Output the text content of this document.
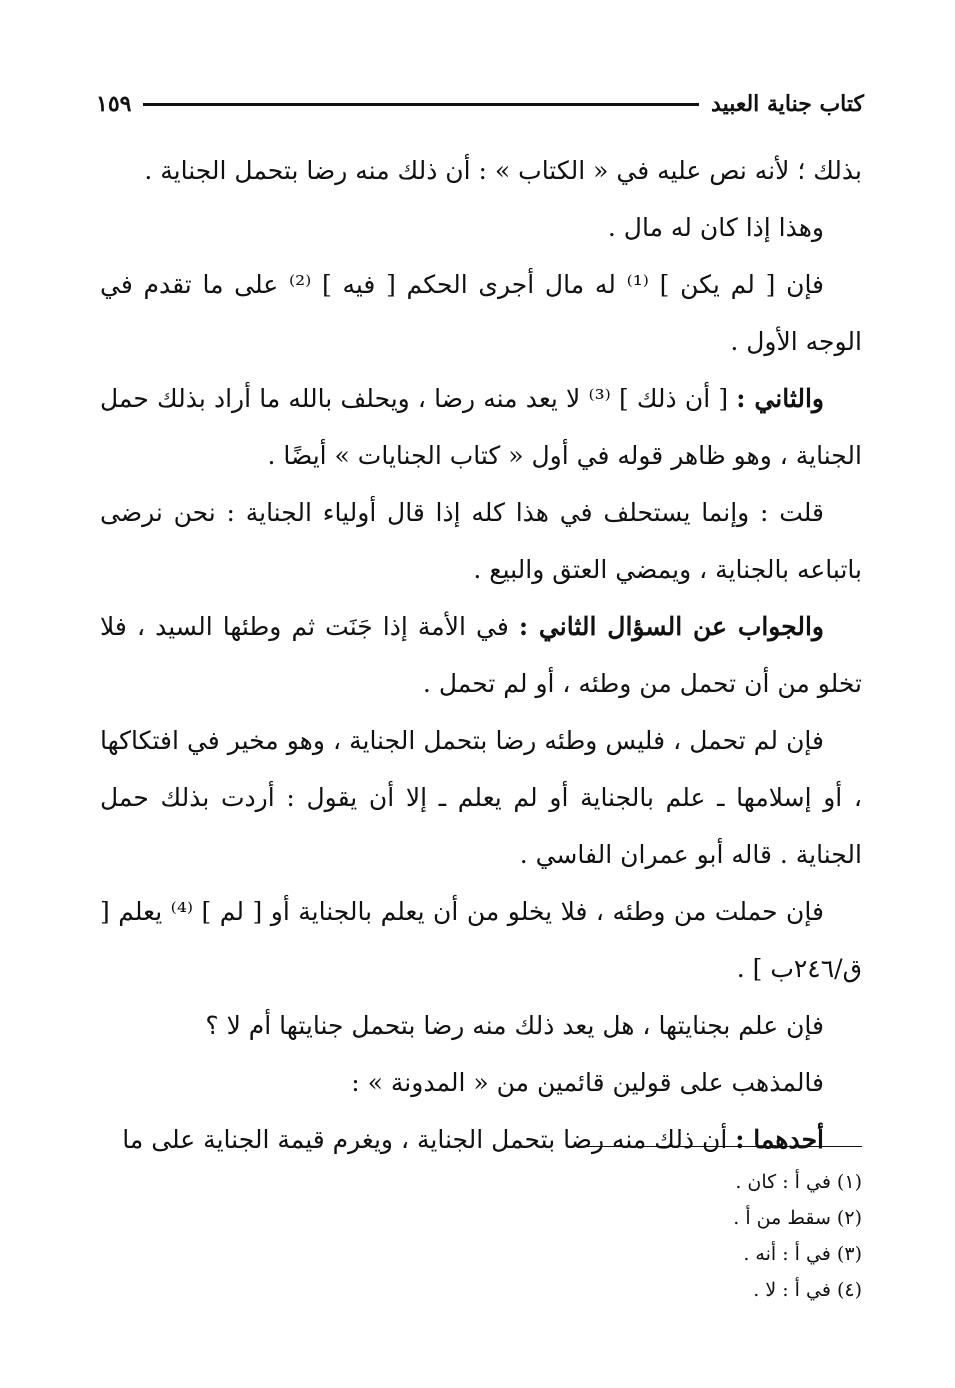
كتاب جناية العبيد
١٥٩

بذلك ؛ لأنه نص عليه في « الكتاب » : أن ذلك منه رضا بتحمل الجناية .

وهذا إذا كان له مال .

فإن [ لم يكن ] ⁽¹⁾ له مال أجرى الحكم [ فيه ] ⁽²⁾ على ما تقدم في الوجه الأول .

والثاني : [ أن ذلك ] ⁽³⁾ لا يعد منه رضا ، ويحلف بالله ما أراد بذلك حمل الجناية ، وهو ظاهر قوله في أول « كتاب الجنايات » أيضًا .

قلت : وإنما يستحلف في هذا كله إذا قال أولياء الجناية : نحن نرضى باتباعه بالجناية ، ويمضي العتق والبيع .

والجواب عن السؤال الثاني : في الأمة إذا جَنَت ثم وطئها السيد ، فلا تخلو من أن تحمل من وطئه ، أو لم تحمل .

فإن لم تحمل ، فليس وطئه رضا بتحمل الجناية ، وهو مخير في افتكاكها ، أو إسلامها ـ علم بالجناية أو لم يعلم ـ إلا أن يقول : أردت بذلك حمل الجناية . قاله أبو عمران الفاسي .

فإن حملت من وطئه ، فلا يخلو من أن يعلم بالجناية أو [ لم ] ⁽⁴⁾ يعلم [ ق/٢٤٦ب ] .

فإن علم بجنايتها ، هل يعد ذلك منه رضا بتحمل جنايتها أم لا ؟

فالمذهب على قولين قائمين من « المدونة » :

أحدهما : أن ذلك منه رضا بتحمل الجناية ، ويغرم قيمة الجناية على ما

(١) في أ : كان .

(٢) سقط من أ .

(٣) في أ : أنه .

(٤) في أ : لا .
